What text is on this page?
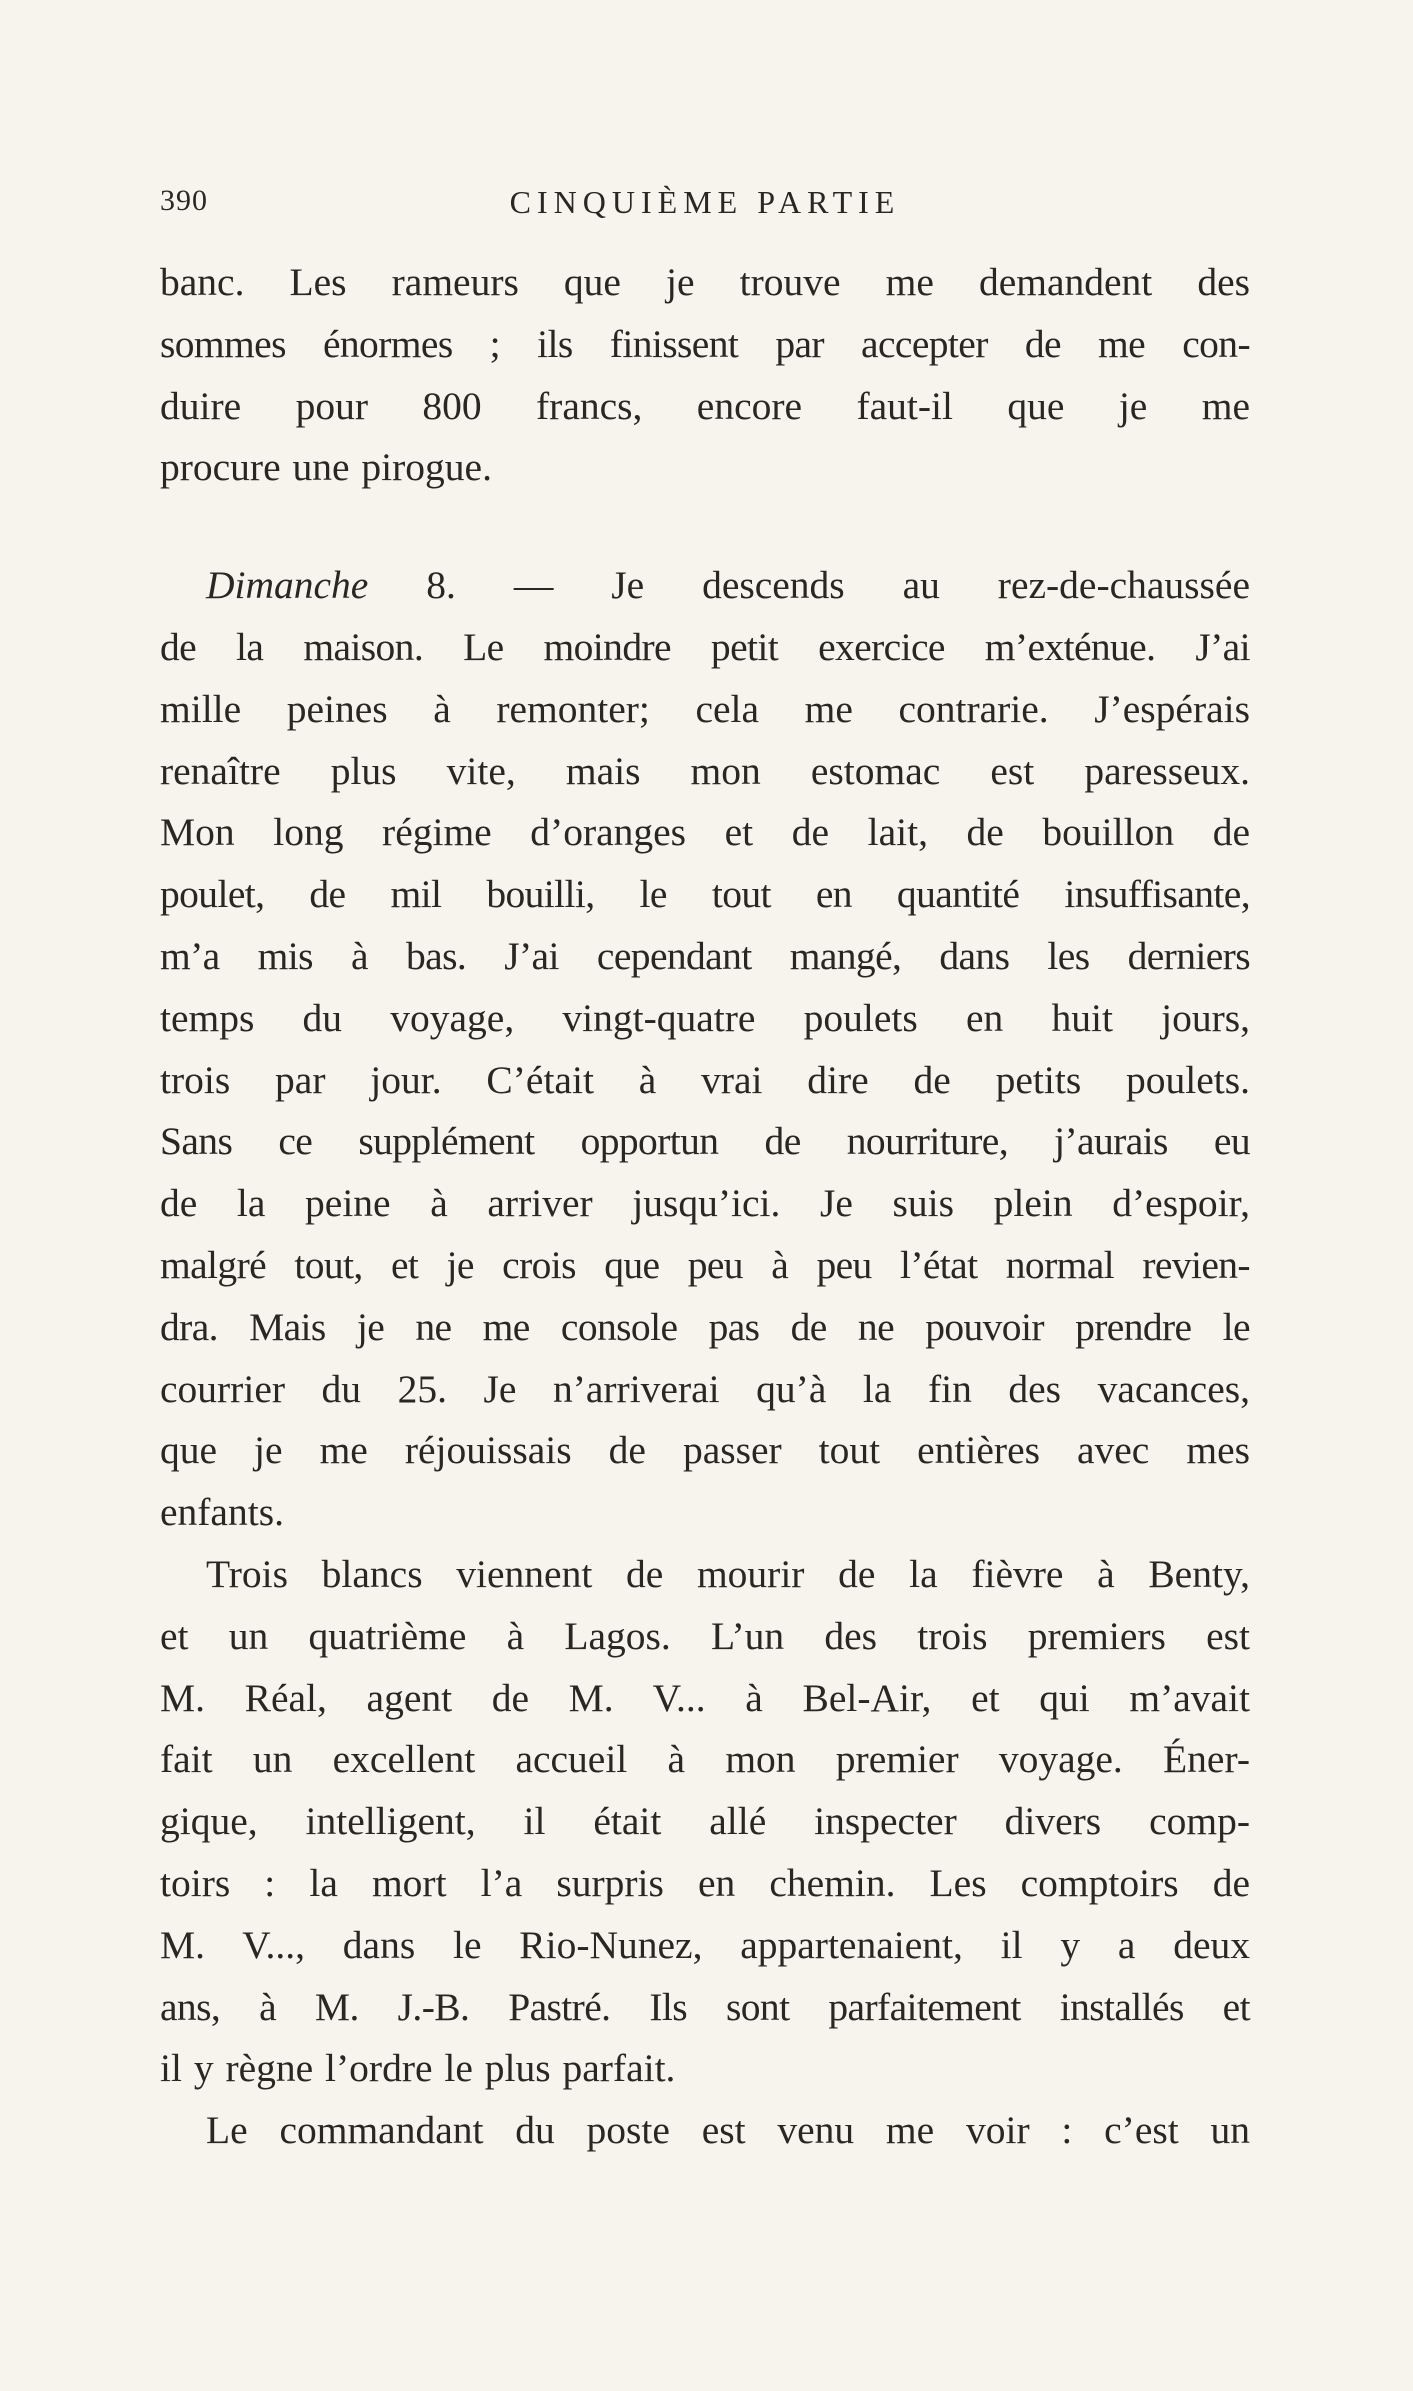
390	CINQUIÈME PARTIE

banc. Les rameurs que je trouve me demandent des

sommes énormes ; ils finissent par accepter de me con-

duire pour 800 francs, encore faut-il que je me

procure une pirogue.

Dimanche 8. — Je descends au rez-de-chaussée

de la maison. Le moindre petit exercice m’exténue. J’ai

mille peines à remonter; cela me contrarie. J’espérais

renaître plus vite, mais mon estomac est paresseux.

Mon long régime d’oranges et de lait, de bouillon de

poulet, de mil bouilli, le tout en quantité insuffisante,

m’a mis à bas. J’ai cependant mangé, dans les derniers

temps du voyage, vingt-quatre poulets en huit jours,

trois par jour. C’était à vrai dire de petits poulets.

Sans ce supplément opportun de nourriture, j’aurais eu

de la peine à arriver jusqu’ici. Je suis plein d’espoir,

malgré tout, et je crois que peu à peu l’état normal revien-

dra. Mais je ne me console pas de ne pouvoir prendre le

courrier du 25. Je n’arriverai qu’à la fin des vacances,

que je me réjouissais de passer tout entières avec mes

enfants.

Trois blancs viennent de mourir de la fièvre à Benty,

et un quatrième à Lagos. L’un des trois premiers est

M. Réal, agent de M. V... à Bel-Air, et qui m’avait

fait un excellent accueil à mon premier voyage. Éner-

gique, intelligent, il était allé inspecter divers comp-

toirs : la mort l’a surpris en chemin. Les comptoirs de

M. V..., dans le Rio-Nunez, appartenaient, il y a deux

ans, à M. J.-B. Pastré. Ils sont parfaitement installés et

il y règne l’ordre le plus parfait.

Le commandant du poste est venu me voir : c’est un
